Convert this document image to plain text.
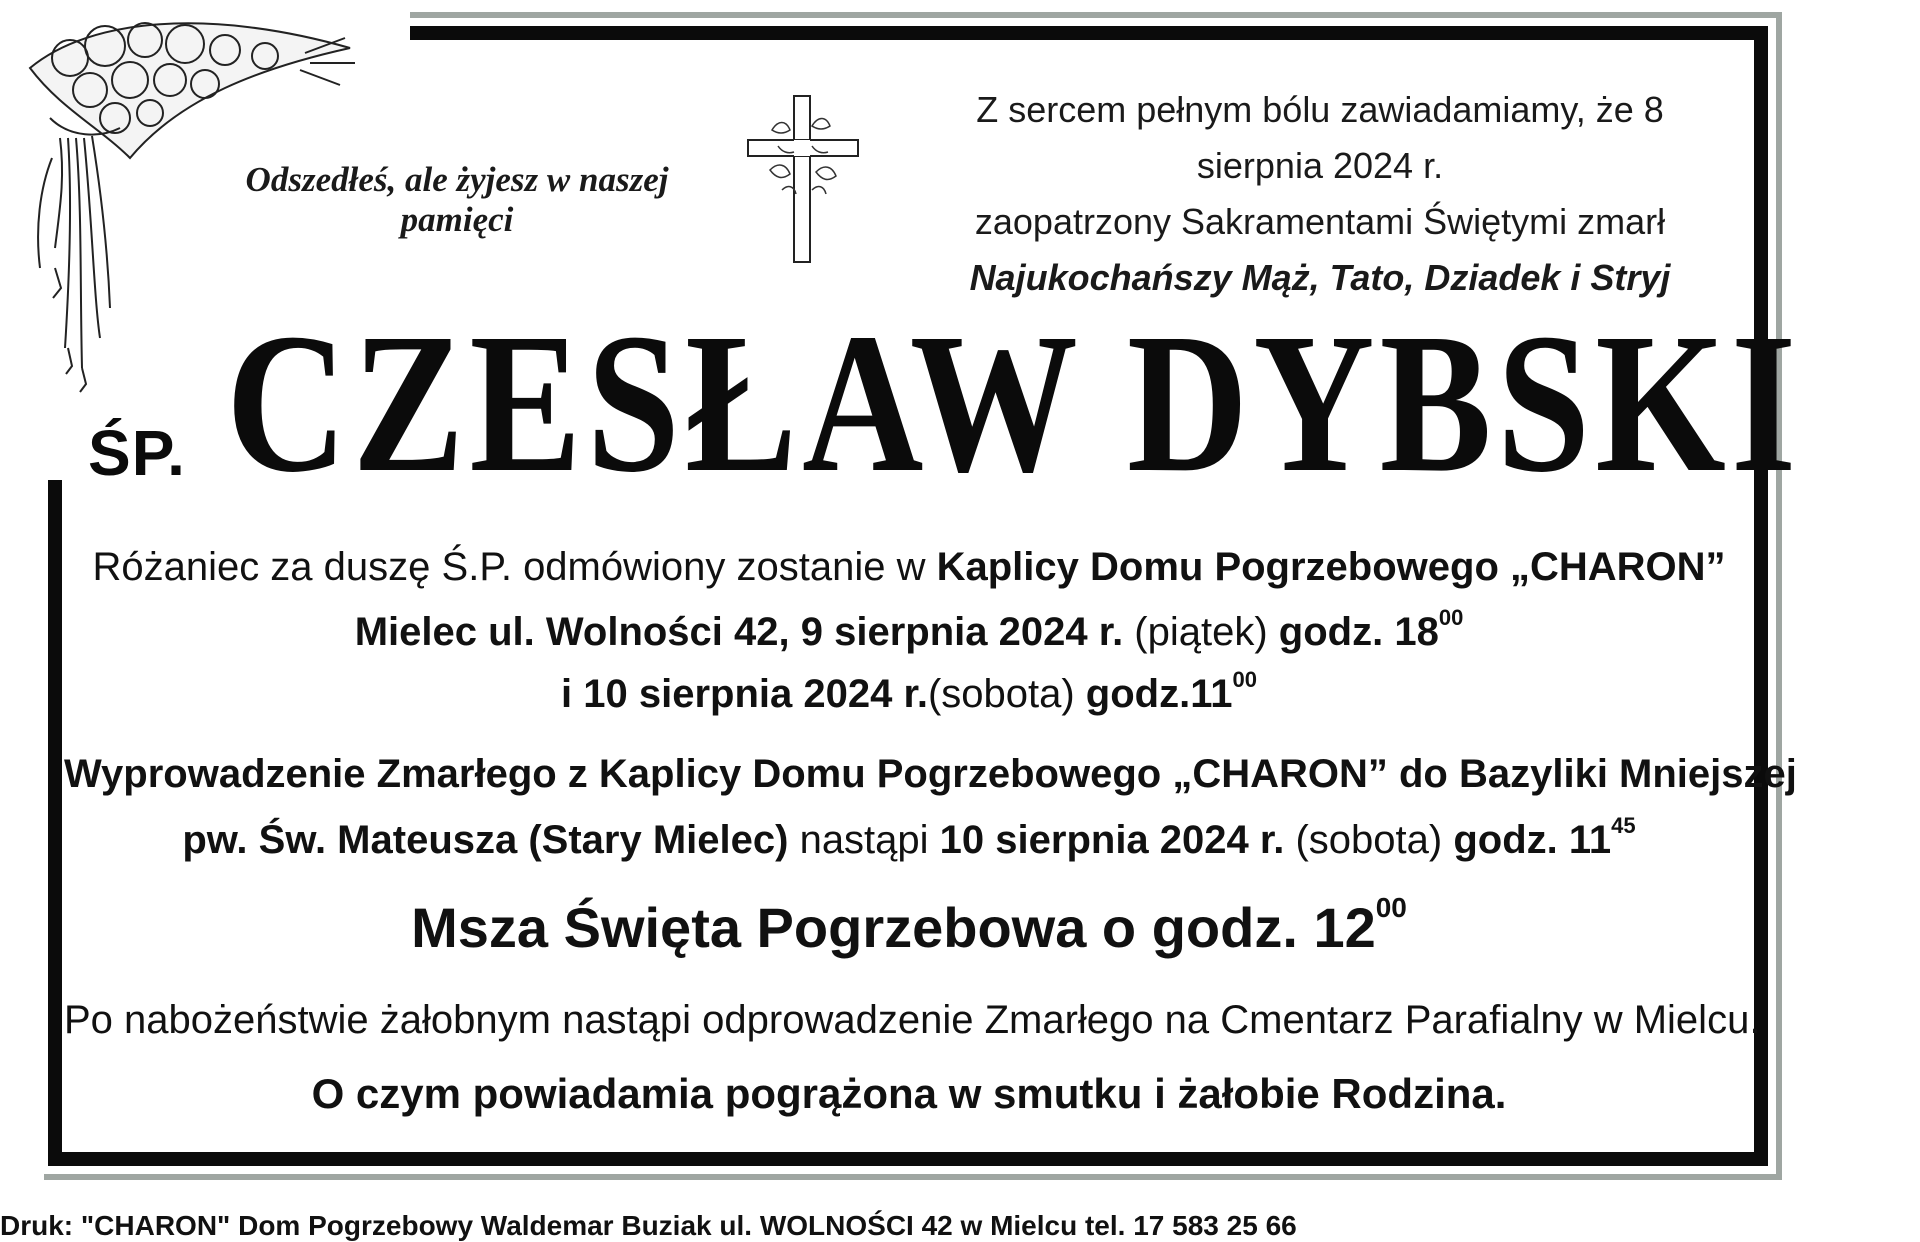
Odszedłeś, ale żyjesz w naszej pamięci
Z sercem pełnym bólu zawiadamiamy, że 8 sierpnia 2024 r.
zaopatrzony Sakramentami Świętymi zmarł
Najukochańszy Mąż, Tato, Dziadek i Stryj
ŚP. CZESŁAW DYBSKI
Różaniec za duszę Ś.P. odmówiony zostanie w Kaplicy Domu Pogrzebowego „CHARON”
Mielec ul. Wolności 42, 9 sierpnia 2024 r. (piątek) godz. $18^{00}$
i 10 sierpnia 2024 r.(sobota) $godz.11^{00}$
Wyprowadzenie Zmarłego z Kaplicy Domu Pogrzebowego „CHARON” do Bazyliki Mniejszej
pw. Św. Mateusza (Stary Mielec) nastąpi 10 sierpnia 2024 r. (sobota) godz. $11^{45}$
Msza Święta Pogrzebowa o godz. $12^{00}$
Po nabożeństwie żałobnym nastąpi odprowadzenie Zmarłego na Cmentarz Parafialny w Mielcu.
O czym powiadamia pogrążona w smutku i żałobie Rodzina.
Druk: "CHARON" Dom Pogrzebowy Waldemar Buziak ul. WOLNOŚCI 42 w Mielcu tel. 17 583 25 66
